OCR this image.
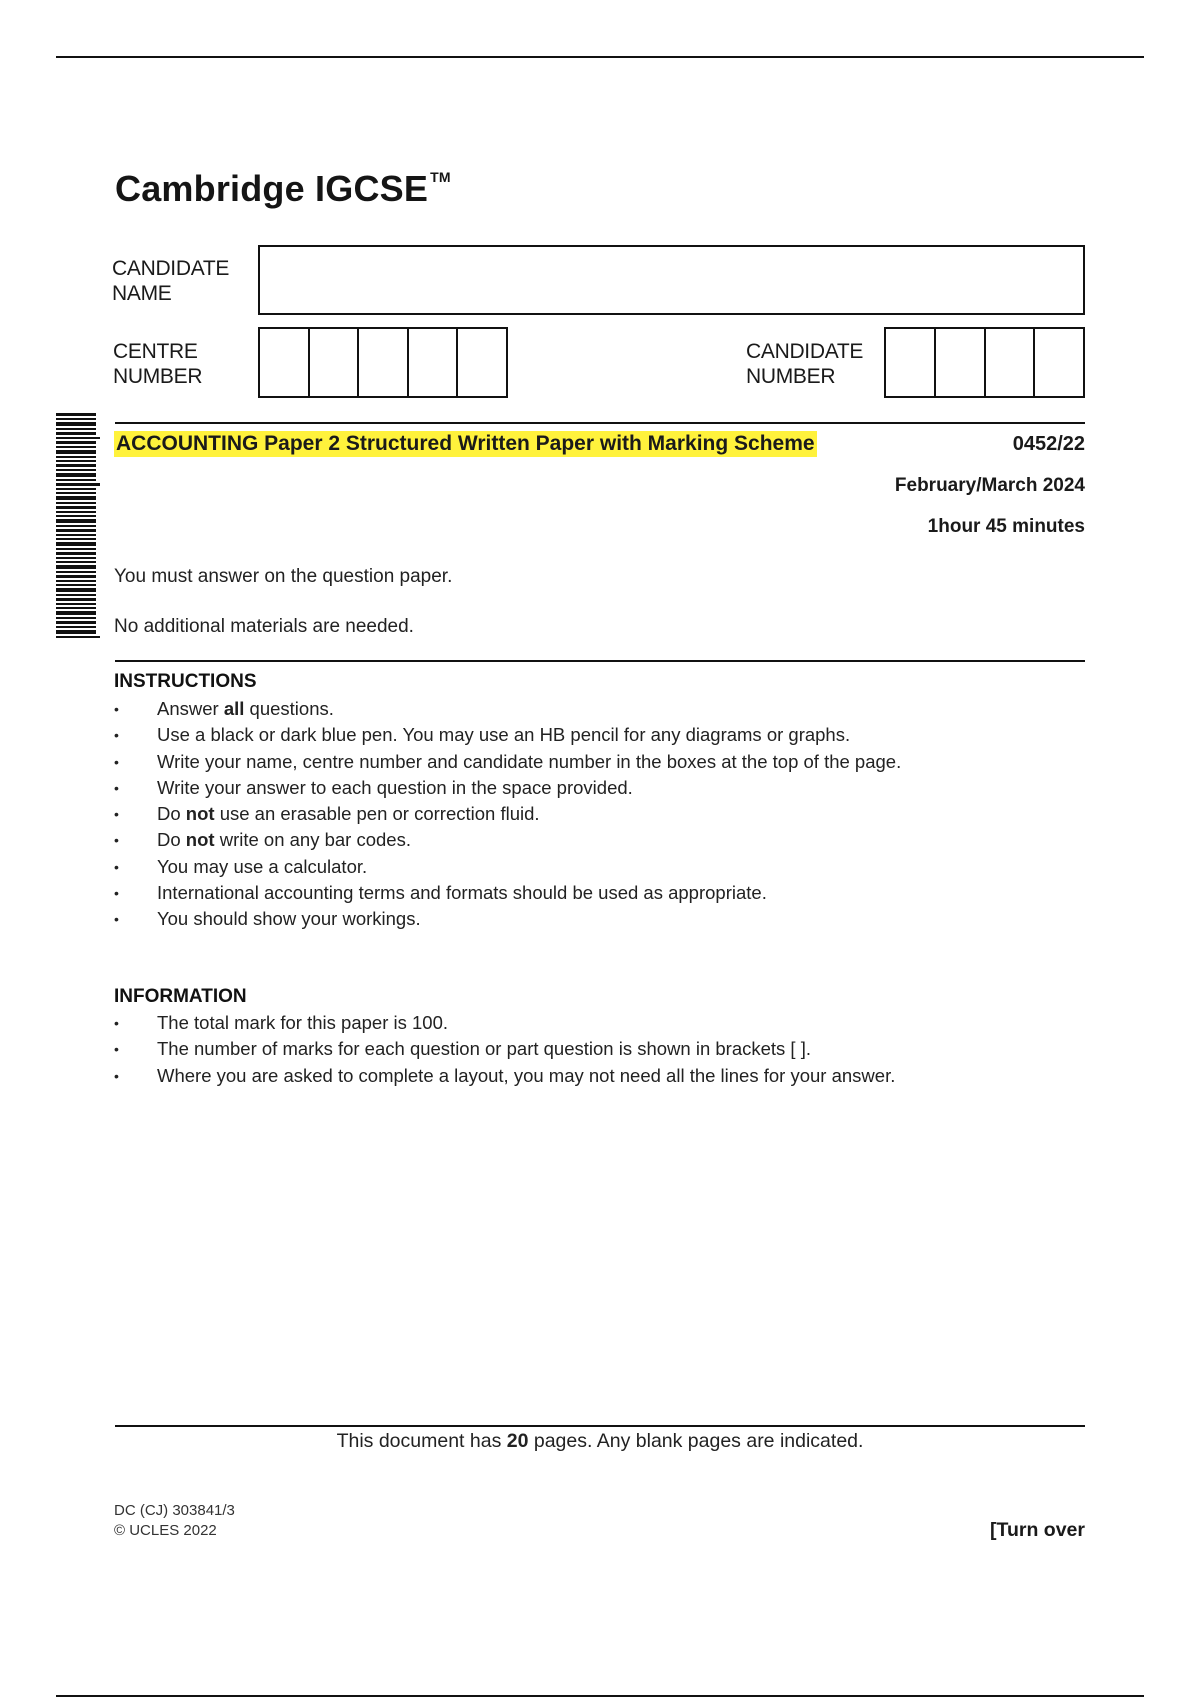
Cambridge IGCSE ™
CANDIDATE
NAME
CENTRE
NUMBER
CANDIDATE
NUMBER
ACCOUNTING Paper 2 Structured Written Paper with Marking Scheme	0452/22
February/March 2024
1hour 45 minutes
You must answer on the question paper.
No additional materials are needed.
INSTRUCTIONS
• Answer all questions.
• Use a black or dark blue pen. You may use an HB pencil for any diagrams or graphs.
• Write your name, centre number and candidate number in the boxes at the top of the page.
• Write your answer to each question in the space provided.
• Do not use an erasable pen or correction fluid.
• Do not write on any bar codes.
• You may use a calculator.
• International accounting terms and formats should be used as appropriate.
• You should show your workings.
INFORMATION
• The total mark for this paper is 100.
• The number of marks for each question or part question is shown in brackets [ ].
• Where you are asked to complete a layout, you may not need all the lines for your answer.
This document has 20 pages. Any blank pages are indicated.
DC (CJ) 303841/3
© UCLES 2022	[Turn over
